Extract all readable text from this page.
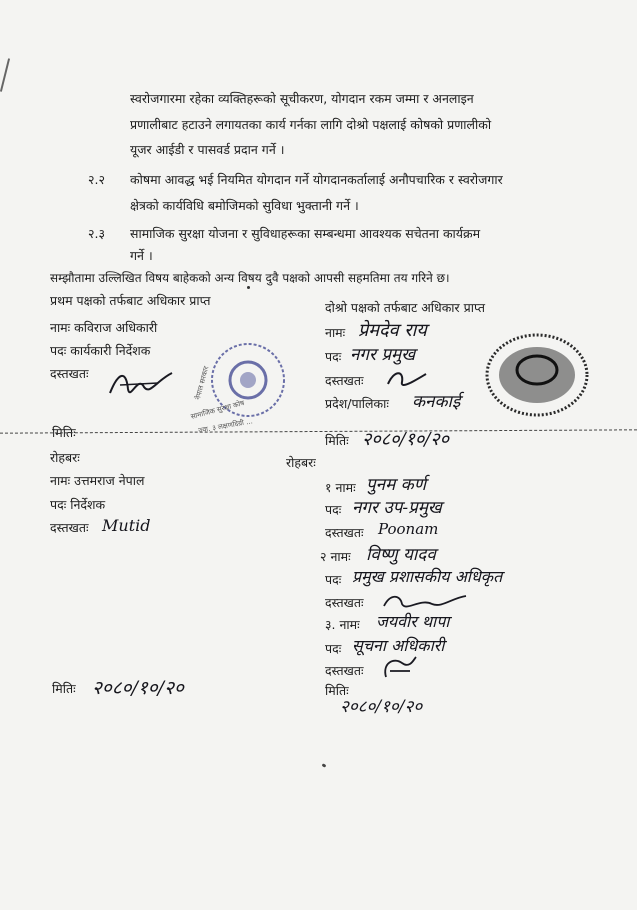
स्वरोजगारमा रहेका व्यक्तिहरूको सूचीकरण, योगदान रकम जम्मा र अनलाइन
प्रणालीबाट हटाउने लगायतका कार्य गर्नका लागि दोश्रो पक्षलाई कोषको प्रणालीको
यूजर आईडी र पासवर्ड प्रदान गर्ने ।
२.२ कोषमा आवद्ध भई नियमित योगदान गर्ने योगदानकर्तालाई अनौपचारिक र स्वरोजगार
क्षेत्रको कार्यविधि बमोजिमको सुविधा भुक्तानी गर्ने ।
२.३ सामाजिक सुरक्षा योजना र सुविधाहरूका सम्बन्धमा आवश्यक सचेतना कार्यक्रम
गर्ने ।
सम्झौतामा उल्लिखित विषय बाहेकको अन्य विषय दुवै पक्षको आपसी सहमतिमा तय गरिने छ।
प्रथम पक्षको तर्फबाट अधिकार प्राप्त
नामः कविराज अधिकारी
पदः कार्यकारी निर्देशक
दस्तखतः
मितिः
नेपाल सरकार
सामाजिक सुरक्षा कोष
ज्वा. ३ लक्षणदिग्री ...
दोश्रो पक्षको तर्फबाट अधिकार प्राप्त
नामः प्रेमदेव राय
पदः नगर प्रमुख
दस्तखतः
प्रदेश/पालिकाः कनकाई
मितिः २०८०/१०/२०
रोहबरः
नामः उत्तमराज नेपाल
पदः निर्देशक
दस्तखतः Mutid
मितिः २०८०/१०/२०
रोहबरः
१ नामः पुनम कर्ण
पदः नगर उप-प्रमुख
दस्तखतः Poonam
२ नामः विष्णु यादव
पदः प्रमुख प्रशासकीय अधिकृत
दस्तखतः
३. नामः जयवीर थापा
पदः सूचना अधिकारी
दस्तखतः
मितिः
२०८०/१०/२०
